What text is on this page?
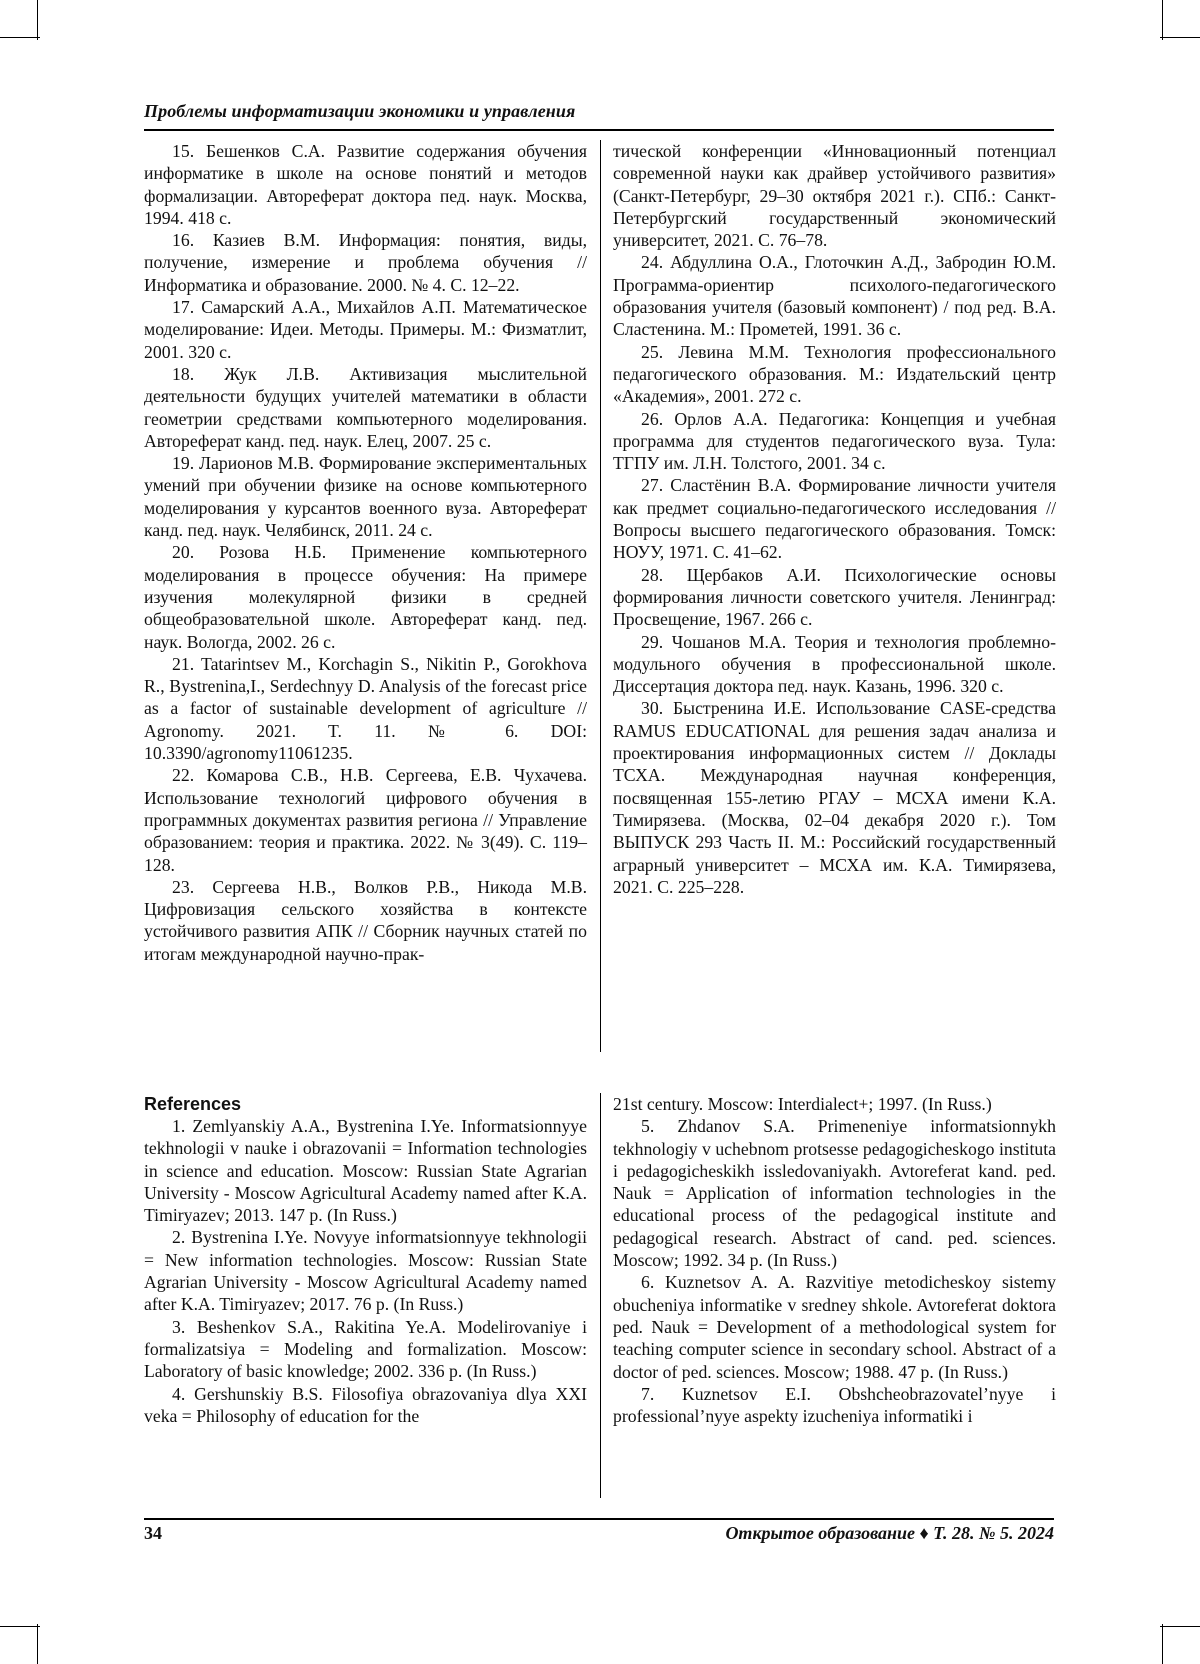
Проблемы информатизации экономики и управления

15. Бешенков С.А. Развитие содержания обучения информатике в школе на основе понятий и методов формализации. Автореферат доктора пед. наук. Москва, 1994. 418 с.

16. Казиев В.М. Информация: понятия, виды, получение, измерение и проблема обучения // Информатика и образование. 2000. № 4. С. 12–22.

17. Самарский А.А., Михайлов А.П. Математическое моделирование: Идеи. Методы. Примеры. М.: Физматлит, 2001. 320 с.

18. Жук Л.В. Активизация мыслительной деятельности будущих учителей математики в области геометрии средствами компьютерного моделирования. Автореферат канд. пед. наук. Елец, 2007. 25 с.

19. Ларионов М.В. Формирование экспериментальных умений при обучении физике на основе компьютерного моделирования у курсантов военного вуза. Автореферат канд. пед. наук. Челябинск, 2011. 24 с.

20. Розова Н.Б. Применение компьютерного моделирования в процессе обучения: На примере изучения молекулярной физики в средней общеобразовательной школе. Автореферат канд. пед. наук. Вологда, 2002. 26 с.

21. Tatarintsev M., Korchagin S., Nikitin P., Gorokhova R., Bystrenina,I., Serdechnyy D. Analysis of the forecast price as a factor of sustainable development of agriculture // Agronomy. 2021. T. 11. № 6. DOI: 10.3390/agronomy11061235.

22. Комарова С.В., Н.В. Сергеева, Е.В. Чухачева. Использование технологий цифрового обучения в программных документах развития региона // Управление образованием: теория и практика. 2022. № 3(49). С. 119–128.

23. Сергеева Н.В., Волков Р.В., Никода М.В. Цифровизация сельского хозяйства в контексте устойчивого развития АПК // Сборник научных статей по итогам международной научно-прак-

тической конференции «Инновационный потенциал современной науки как драйвер устойчивого развития» (Санкт-Петербург, 29–30 октября 2021 г.). СПб.: Санкт-Петербургский государственный экономический университет, 2021. С. 76–78.

24. Абдуллина О.А., Глоточкин А.Д., Забродин Ю.М. Программа-ориентир психолого-педагогического образования учителя (базовый компонент) / под ред. В.А. Сластенина. М.: Прометей, 1991. 36 с.

25. Левина М.М. Технология профессионального педагогического образования. М.: Издательский центр «Академия», 2001. 272 с.

26. Орлов А.А. Педагогика: Концепция и учебная программа для студентов педагогического вуза. Тула: ТГПУ им. Л.Н. Толстого, 2001. 34 с.

27. Сластёнин В.А. Формирование личности учителя как предмет социально-педагогического исследования // Вопросы высшего педагогического образования. Томск: НОУУ, 1971. С. 41–62.

28. Щербаков А.И. Психологические основы формирования личности советского учителя. Ленинград: Просвещение, 1967. 266 с.

29. Чошанов М.А. Теория и технология проблемно-модульного обучения в профессиональной школе. Диссертация доктора пед. наук. Казань, 1996. 320 с.

30. Быстренина И.Е. Использование CASE-средства RAMUS EDUCATIONAL для решения задач анализа и проектирования информационных систем // Доклады ТСХА. Международная научная конференция, посвященная 155-летию РГАУ – МСХА имени К.А. Тимирязева. (Москва, 02–04 декабря 2020 г.). Том ВЫПУСК 293 Часть II. М.: Российский государственный аграрный университет – МСХА им. К.А. Тимирязева, 2021. С. 225–228.

References

1. Zemlyanskiy A.A., Bystrenina I.Ye. Informatsionnyye tekhnologii v nauke i obrazovanii = Information technologies in science and education. Moscow: Russian State Agrarian University - Moscow Agricultural Academy named after K.A. Timiryazev; 2013. 147 p. (In Russ.)

2. Bystrenina I.Ye. Novyye informatsionnyye tekhnologii = New information technologies. Moscow: Russian State Agrarian University - Moscow Agricultural Academy named after K.A. Timiryazev; 2017. 76 p. (In Russ.)

3. Beshenkov S.A., Rakitina Ye.A. Modelirovaniye i formalizatsiya = Modeling and formalization. Moscow: Laboratory of basic knowledge; 2002. 336 p. (In Russ.)

4. Gershunskiy B.S. Filosofiya obrazovaniya dlya XXI veka = Philosophy of education for the

21st century. Moscow: Interdialect+; 1997. (In Russ.)

5. Zhdanov S.A. Primeneniye informatsionnykh tekhnologiy v uchebnom protsesse pedagogicheskogo instituta i pedagogicheskikh issledovaniyakh. Avtoreferat kand. ped. Nauk = Application of information technologies in the educational process of the pedagogical institute and pedagogical research. Abstract of cand. ped. sciences. Moscow; 1992. 34 p. (In Russ.)

6. Kuznetsov A. A. Razvitiye metodicheskoy sistemy obucheniya informatike v sredney shkole. Avtoreferat doktora ped. Nauk = Development of a methodological system for teaching computer science in secondary school. Abstract of a doctor of ped. sciences. Moscow; 1988. 47 p. (In Russ.)

7. Kuznetsov E.I. Obshcheobrazovatel’nyye i professional’nyye aspekty izucheniya informatiki i

34	Открытое образование ♦ Т. 28. № 5. 2024
